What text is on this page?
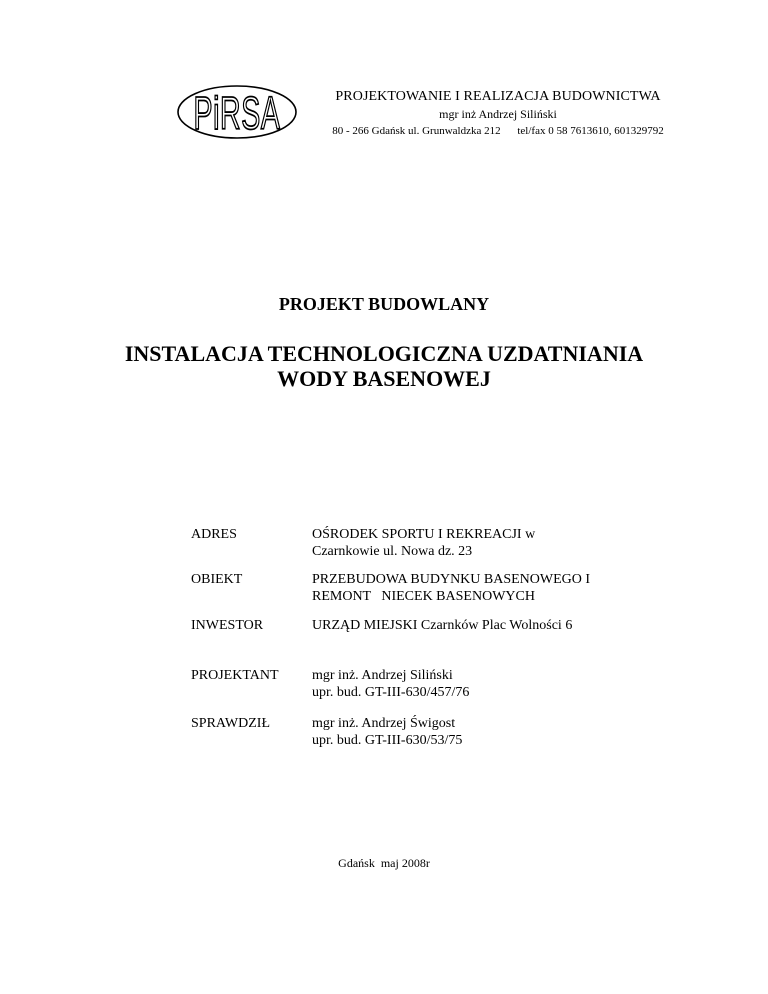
PiRSA	PROJEKTOWANIE I REALIZACJA BUDOWNICTWA
mgr inż Andrzej Siliński
80 - 266 Gdańsk ul. Grunwaldzka 212 tel/fax 0 58 7613610, 601329792
PROJEKT BUDOWLANY
INSTALACJA TECHNOLOGICZNA UZDATNIANIA
WODY BASENOWEJ
ADRES	OŚRODEK SPORTU I REKREACJI w
Czarnkowie ul. Nowa dz. 23
OBIEKT	PRZEBUDOWA BUDYNKU BASENOWEGO I
REMONT   NIECEK BASENOWYCH
INWESTOR	URZĄD MIEJSKI Czarnków Plac Wolności 6
PROJEKTANT mgr inż. Andrzej Siliński
upr. bud. GT-III-630/457/76
SPRAWDZIŁ	mgr inż. Andrzej Świgost
upr. bud. GT-III-630/53/75
Gdańsk  maj 2008r
